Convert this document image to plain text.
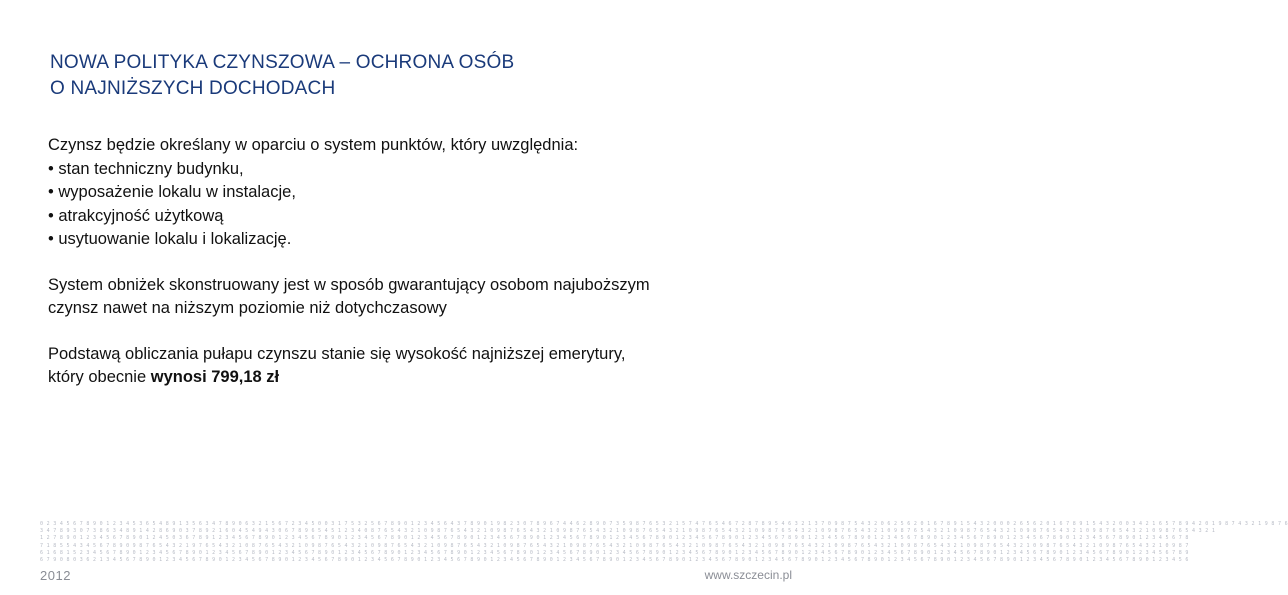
NOWA POLITYKA CZYNSZOWA – OCHRONA OSÓB
O NAJNIŻSZYCH DOCHODACH

Czynsz będzie określany w oparciu o system punktów, który uwzględnia:

• stan techniczny budynku,

• wyposażenie lokalu w instalacje,

• atrakcyjność użytkową

• usytuowanie lokalu i lokalizację.

System obniżek skonstruowany jest w sposób gwarantujący osobom najuboższym

czynsz nawet na niższym poziomie niż dotychczasowy

Podstawą obliczania pułapu czynszu stanie się wysokość najniższej emerytury,

który obecnie wynosi 799,18 zł

0 2 3 4 5 6 7 8 9 0 1 2 3 4 5 3 6 5 4 8 9 1 3 5 6 3 4 7 8 9 0 6 3 2 1 5 6 7 2 3 4 5 0 0 3 1 7 5 3 2 5 6 7 8 9 0 1 2 3 4 5 6 4 3 7 8 9 0 1 9 8 2 3 0 7 8 9 6 7 4 4 6 2 8 9 0 7 3 5 9 8 7 6 5 3 2 1 5 7 4 7 6 5 4 6 7 2 8 7 8 9 5 4 6 3 2 1 3 7 0 9 8 7 5 4 3 2 0 6 2 5 6 2 0 1 6 7 8 9 1 5 4 3 2 0 0 0 2 6 5 6 2 0 1 6 7 8 9 1 5 4 3 2 0 0 3 4 2 1 6 5 7 8 9 4 2 0 1 9 8 7 4 3 2 1 9 8 7 6
3 4 7 8 9 3 0 7 3 8 6 3 4 8 9 1 4 2 8 6 9 0 3 7 8 9 2 1 6 0 4 5 4 9 4 3 0 6 7 8 9 6 5 4 5 1 2 3 4 0 8 7 6 5 4 3 2 1 0 9 8 7 6 5 4 3 2 1 0 9 8 7 6 5 4 3 2 1 0 9 8 7 6 5 4 3 2 1 0 9 8 7 6 5 4 3 2 1 0 9 8 7 6 5 4 3 2 1 0 9 8 7 6 5 4 3 2 1 0 9 8 7 6 5 4 3 2 1 0 9 8 7 6 5 4 3 2 1 0 9 8 7 6 5 4 3 2 1 0 9 8 7 6 5 4 3 2 1 0 9 8 7 6 5 4 3 2 1 0 9 8 7 6 5 4 3 2 1
1 2 7 8 9 0 1 2 3 4 5 6 7 8 9 0 1 2 4 5 0 3 6 7 8 9 1 2 3 4 5 6 7 8 9 0 1 2 3 4 5 6 7 8 9 0 1 2 3 4 5 6 7 8 9 0 1 2 3 4 5 6 7 8 9 0 1 2 3 4 5 6 7 8 9 0 1 2 3 4 5 6 7 8 9 0 1 2 3 4 5 6 7 8 9 0 1 2 3 4 5 6 7 8 9 0 1 2 3 4 5 6 7 8 9 0 1 2 3 4 5 6 7 8 9 0 1 2 3 4 5 6 7 8 9 0 1 2 3 4 5 6 7 8 9 0 1 2 3 4 5 6 7 8 9 0 1 2 3 4 5 6 7 8 9 0 1 2 3 4 5 6 7 8
7 1 8 5 5 4 3 4 5 6 7 8 9 0 9 8 7 6 5 4 3 2 1 9 7 6 5 4 3 2 1 0 8 7 6 5 4 3 2 1 0 9 8 7 6 5 4 3 2 1 0 9 8 7 6 5 4 3 2 1 0 9 8 7 6 5 4 3 2 1 0 9 8 7 6 5 4 3 2 1 0 9 8 7 6 5 4 3 2 1 0 9 8 7 6 5 4 3 2 1 0 9 8 7 6 5 4 3 2 1 0 9 8 7 6 5 4 3 2 1 0 9 8 7 6 5 4 3 2 1 0 9 8 7 6 5 4 3 2 1 0 9 8 7 6 5 4 3 2 1 0 9 8 7 6 5 4 3 2 1 0 9 8 7 6 5 4 3 2 1 0 9 8 7
6 1 6 8 1 5 2 3 4 5 6 7 8 9 0 1 2 3 4 5 6 7 8 9 0 1 2 3 4 5 6 7 8 9 0 1 2 3 4 5 6 7 8 9 0 1 2 3 4 5 6 7 8 9 0 1 2 3 4 5 6 7 8 9 0 1 2 3 4 5 6 7 8 9 0 1 2 3 4 5 6 7 8 9 0 1 2 3 4 5 6 7 8 9 0 1 2 3 4 5 6 7 8 9 0 1 2 3 4 5 6 7 8 9 0 1 2 3 4 5 6 7 8 9 0 1 2 3 4 5 6 7 8 9 0 1 2 3 4 5 6 7 8 9 0 1 2 3 4 5 6 7 8 9 0 1 2 3 4 5 6 7 8 9 0 1 2 3 4 5 6 7 8 9
6 7 9 0 8 0 3 6 2 1 3 4 5 6 7 8 9 0 1 2 3 4 5 6 7 8 9 0 1 2 3 4 5 6 7 8 9 0 1 2 3 4 5 6 7 8 9 0 1 2 3 4 5 6 7 8 9 0 1 2 3 4 5 6 7 8 9 0 1 2 3 4 5 6 7 8 9 0 1 2 3 4 5 6 7 8 9 0 1 2 3 4 5 6 7 8 9 0 1 2 3 4 5 6 7 8 9 0 1 2 3 4 5 6 7 8 9 0 1 2 3 4 5 6 7 8 9 0 1 2 3 4 5 6 7 8 9 0 1 2 3 4 5 6 7 8 9 0 1 2 3 4 5 6 7 8 9 0 1 2 3 4 5 6 7 8 9 0 1 2 3 4 5 6
2012	www.szczecin.pl
